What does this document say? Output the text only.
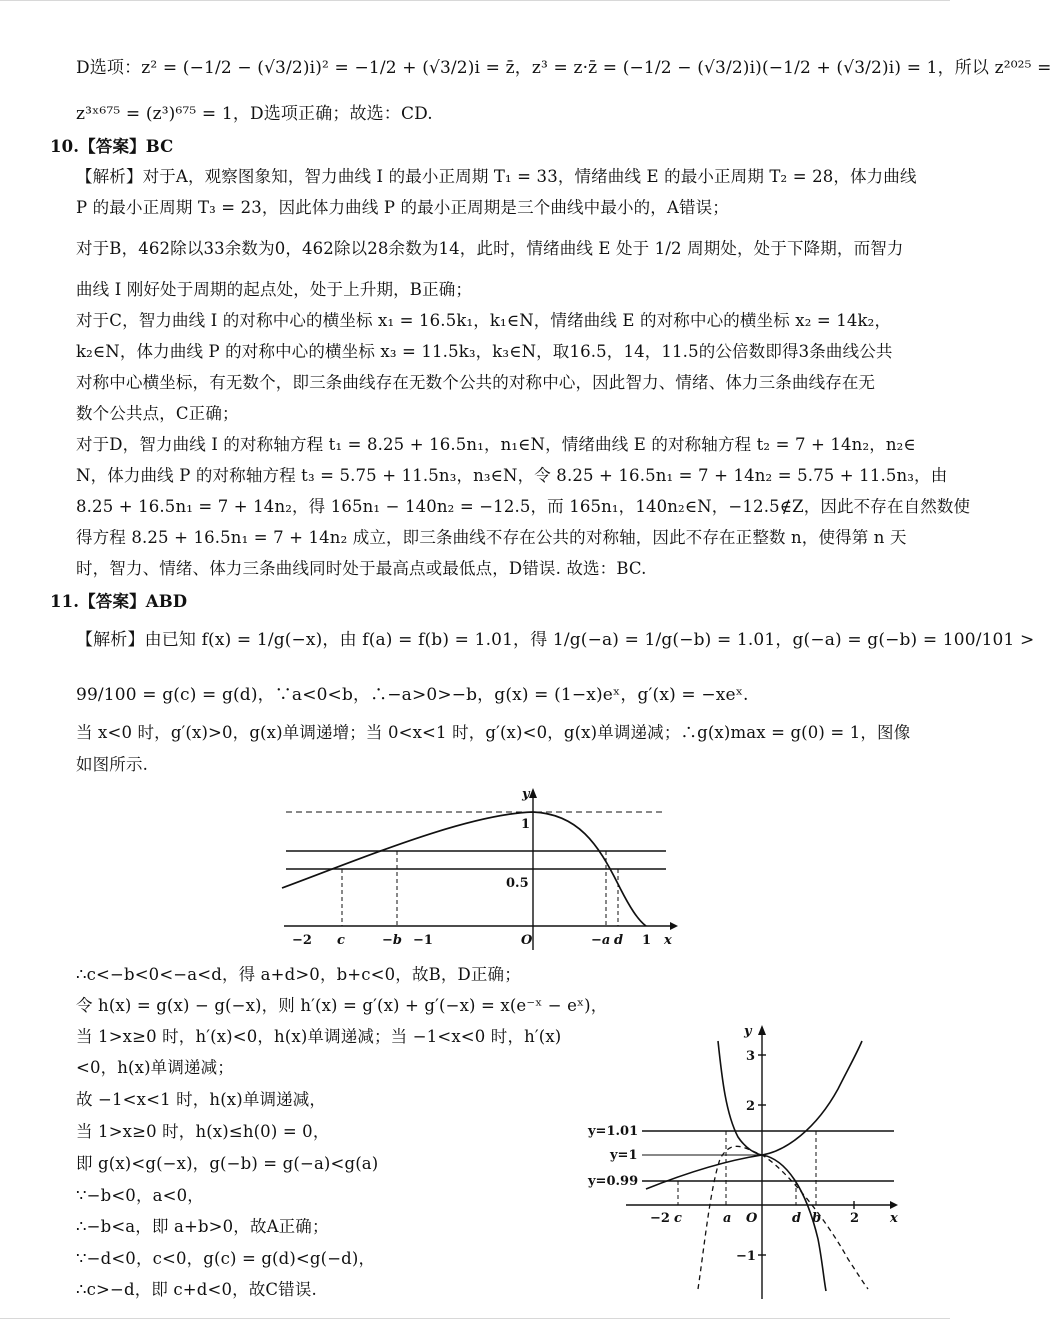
D选项：z² = (−1/2 − (√3/2)i)² = −1/2 + (√3/2)i = z̄，z³ = z·z̄ = (−1/2 − (√3/2)i)(−1/2 + (√3/2)i) = 1，所以 z²⁰²⁵ =
z³ˣ⁶⁷⁵ = (z³)⁶⁷⁵ = 1，D选项正确；故选：CD.
10.【答案】BC
【解析】对于A，观察图象知，智力曲线 I 的最小正周期 T₁ = 33，情绪曲线 E 的最小正周期 T₂ = 28，体力曲线
P 的最小正周期 T₃ = 23，因此体力曲线 P 的最小正周期是三个曲线中最小的，A错误；
对于B，462除以33余数为0，462除以28余数为14，此时，情绪曲线 E 处于 1/2 周期处，处于下降期，而智力
曲线 I 刚好处于周期的起点处，处于上升期，B正确；
对于C，智力曲线 I 的对称中心的横坐标 x₁ = 16.5k₁，k₁∈N，情绪曲线 E 的对称中心的横坐标 x₂ = 14k₂，
k₂∈N，体力曲线 P 的对称中心的横坐标 x₃ = 11.5k₃，k₃∈N，取16.5，14，11.5的公倍数即得3条曲线公共
对称中心横坐标，有无数个，即三条曲线存在无数个公共的对称中心，因此智力、情绪、体力三条曲线存在无
数个公共点，C正确；
对于D，智力曲线 I 的对称轴方程 t₁ = 8.25 + 16.5n₁，n₁∈N，情绪曲线 E 的对称轴方程 t₂ = 7 + 14n₂，n₂∈
N，体力曲线 P 的对称轴方程 t₃ = 5.75 + 11.5n₃，n₃∈N，令 8.25 + 16.5n₁ = 7 + 14n₂ = 5.75 + 11.5n₃，由
8.25 + 16.5n₁ = 7 + 14n₂，得 165n₁ − 140n₂ = −12.5，而 165n₁，140n₂∈N，−12.5∉Z，因此不存在自然数使
得方程 8.25 + 16.5n₁ = 7 + 14n₂ 成立，即三条曲线不存在公共的对称轴，因此不存在正整数 n，使得第 n 天
时，智力、情绪、体力三条曲线同时处于最高点或最低点，D错误. 故选：BC.
11.【答案】ABD
【解析】由已知 f(x) = 1/g(−x)，由 f(a) = f(b) = 1.01，得 1/g(−a) = 1/g(−b) = 1.01，g(−a) = g(−b) = 100/101 >
99/100 = g(c) = g(d)，∵a<0<b，∴−a>0>−b，g(x) = (1−x)eˣ，g′(x) = −xeˣ.
当 x<0 时，g′(x)>0，g(x)单调递增；当 0<x<1 时，g′(x)<0，g(x)单调递减；∴g(x)max = g(0) = 1，图像
如图所示.
y
x
O
1
0.5
−2 c	−b −1	−a d 1
∴c<−b<0<−a<d，得 a+d>0，b+c<0，故B，D正确；
令 h(x) = g(x) − g(−x)，则 h′(x) = g′(x) + g′(−x) = x(e⁻ˣ − eˣ)，
当 1>x≥0 时，h′(x)<0，h(x)单调递减；当 −1<x<0 时，h′(x)
<0，h(x)单调递减；
故 −1<x<1 时，h(x)单调递减，
当 1>x≥0 时，h(x)≤h(0) = 0，
即 g(x)<g(−x)，g(−b) = g(−a)<g(a)
∵−b<0，a<0，
∴−b<a，即 a+b>0，故A正确；
∵−d<0，c<0，g(c) = g(d)<g(−d)，
∴c>−d，即 c+d<0，故C错误.
y
x
O
3
2
−1
y=1.01
y=1
y=0.99
−2 c	a	d b 2
